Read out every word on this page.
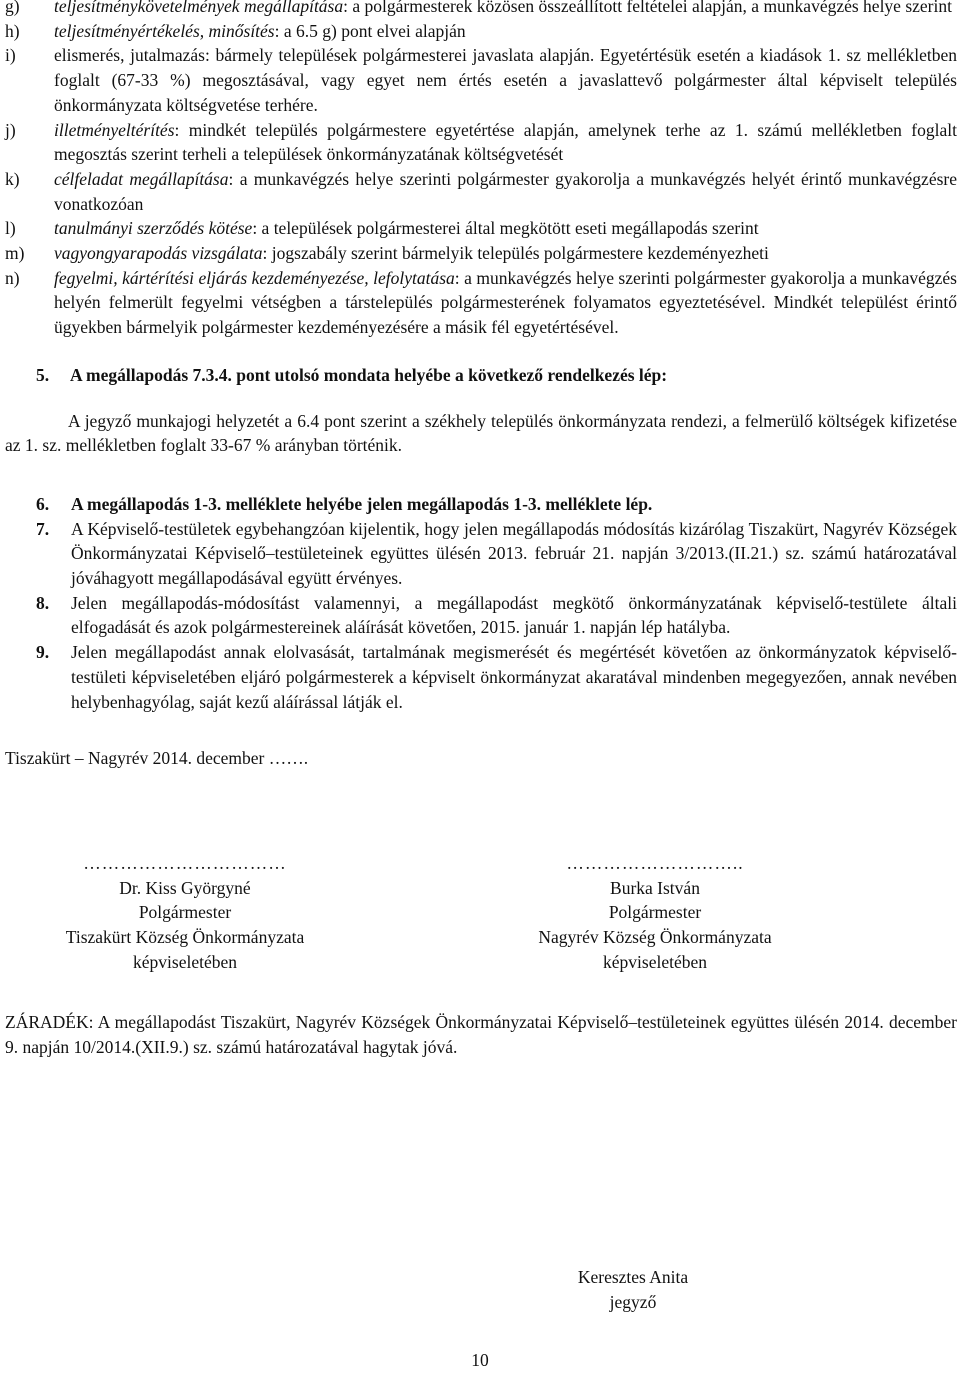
g) teljesítménykövetelmények megállapítása: a polgármesterek közösen összeállított feltételei alapján, a munkavégzés helye szerint
h) teljesítményértékelés, minősítés: a 6.5 g) pont elvei alapján
i) elismerés, jutalmazás: bármely települések polgármesterei javaslata alapján. Egyetértésük esetén a kiadások 1. sz mellékletben foglalt (67-33 %) megosztásával, vagy egyet nem értés esetén a javaslattevő polgármester által képviselt település önkormányzata költségvetése terhére.
j) illetményeltérítés: mindkét település polgármestere egyetértése alapján, amelynek terhe az 1. számú mellékletben foglalt megosztás szerint terheli a települések önkormányzatának költségvetését
k) célfeladat megállapítása: a munkavégzés helye szerinti polgármester gyakorolja a munkavégzés helyét érintő munkavégzésre vonatkozóan
l) tanulmányi szerződés kötése: a települések polgármesterei által megkötött eseti megállapodás szerint
m) vagyongyarapodás vizsgálata: jogszabály szerint bármelyik település polgármestere kezdeményezheti
n) fegyelmi, kártérítési eljárás kezdeményezése, lefolytatása: a munkavégzés helye szerinti polgármester gyakorolja a munkavégzés helyén felmerült fegyelmi vétségben a társtelepülés polgármesterének folyamatos egyeztetésével. Mindkét települést érintő ügyekben bármelyik polgármester kezdeményezésére a másik fél egyetértésével.
5. A megállapodás 7.3.4. pont utolsó mondata helyébe a következő rendelkezés lép:
A jegyző munkajogi helyzetét a 6.4 pont szerint a székhely település önkormányzata rendezi, a felmerülő költségek kifizetése az 1. sz. mellékletben foglalt 33-67 % arányban történik.
6. A megállapodás 1-3. melléklete helyébe jelen megállapodás 1-3. melléklete lép.
7. A Képviselő-testületek egybehangzóan kijelentik, hogy jelen megállapodás módosítás kizárólag Tiszakürt, Nagyrév Községek Önkormányzatai Képviselő–testületeinek együttes ülésén 2013. február 21. napján 3/2013.(II.21.) sz. számú határozatával jóváhagyott megállapodásával együtt érvényes.
8. Jelen megállapodás-módosítást valamennyi, a megállapodást megkötő önkormányzatának képviselő-testülete általi elfogadását és azok polgármestereinek aláírását követően, 2015. január 1. napján lép hatályba.
9. Jelen megállapodást annak elolvasását, tartalmának megismerését és megértését követően az önkormányzatok képviselő-testületi képviseletében eljáró polgármesterek a képviselt önkormányzat akaratával mindenben megegyezően, annak nevében helybenhagyólag, saját kezű aláírással látják el.
Tiszakürt – Nagyrév 2014. december …….
……………………………
Dr. Kiss Györgyné
Polgármester
Tiszakürt Község Önkormányzata
képviseletében
………………………..
Burka István
Polgármester
Nagyrév Község Önkormányzata
képviseletében
ZÁRADÉK: A megállapodást Tiszakürt, Nagyrév Községek Önkormányzatai Képviselő–testületeinek együttes ülésén 2014. december 9. napján 10/2014.(XII.9.) sz. számú határozatával hagytak jóvá.
Keresztes Anita
jegyző
10
